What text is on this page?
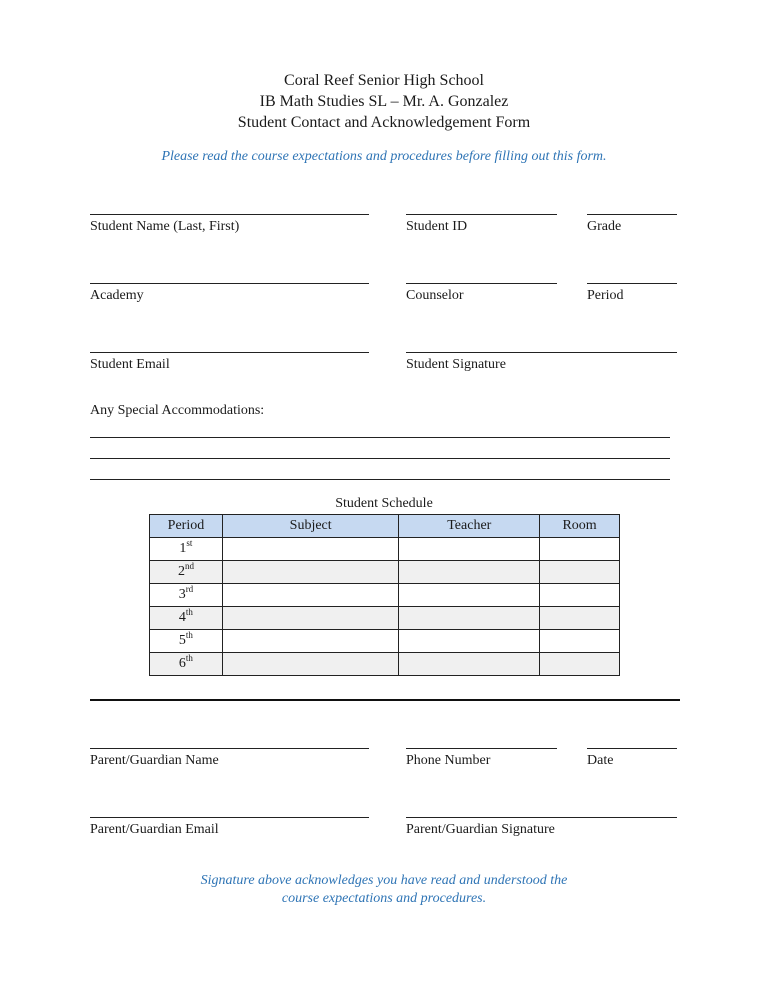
Coral Reef Senior High School
IB Math Studies SL – Mr. A. Gonzalez
Student Contact and Acknowledgement Form
Please read the course expectations and procedures before filling out this form.
Student Name (Last, First)	Student ID	Grade
Academy	Counselor	Period
Student Email	Student Signature
Any Special Accommodations:
Student Schedule
Period	Subject	Teacher	Room
1st			
2nd			
3rd			
4th			
5th			
6th			
Parent/Guardian Name	Phone Number	Date
Parent/Guardian Email	Parent/Guardian Signature
Signature above acknowledges you have read and understood the
course expectations and procedures.
